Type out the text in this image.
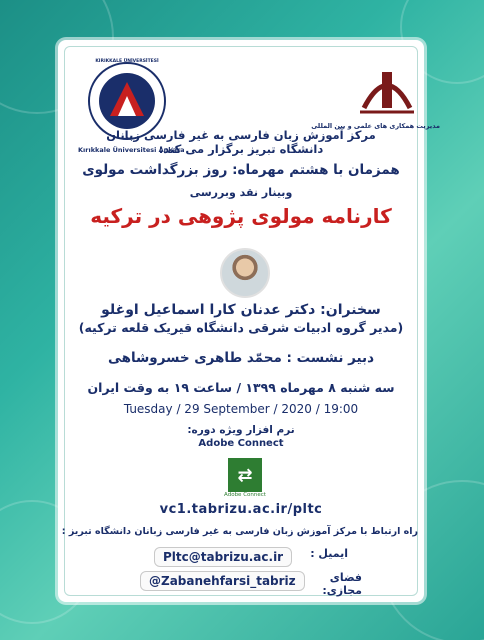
KIRIKKALE ÜNİVERSİTESİ
Kırıkkale Üniversitesi Ankara
مدیریت همکاری های علمی و بین المللی
مرکز آموزش زبان فارسی به غیر فارسی زبانان
دانشگاه تبریز برگزار می کند:
همزمان با هشتم مهرماه: روز بزرگداشت مولوی
وبینار نقد وبررسی
کارنامه مولوی پژوهی در ترکیه
سخنران: دکتر عدنان کارا اسماعیل اوغلو
(مدیر گروه ادبیات شرقی دانشگاه قیریک قلعه ترکیه)
دبیر نشست : محمّد طاهری خسروشاهی
سه شنبه ۸ مهرماه ۱۳۹۹ / ساعت ۱۹ به وقت ایران
Tuesday / 29 September / 2020 / 19:00
نرم افزار ویژه دوره:
Adobe Connect
⇄
Adobe Connect
vc1.tabrizu.ac.ir/pltc
راه ارتباط با مرکز آموزش زبان فارسی به غیر فارسی زبانان دانشگاه تبریز :
Pltc@tabrizu.ac.ir	ایمیل :
@Zabanehfarsi_tabriz	فضای مجازی:
